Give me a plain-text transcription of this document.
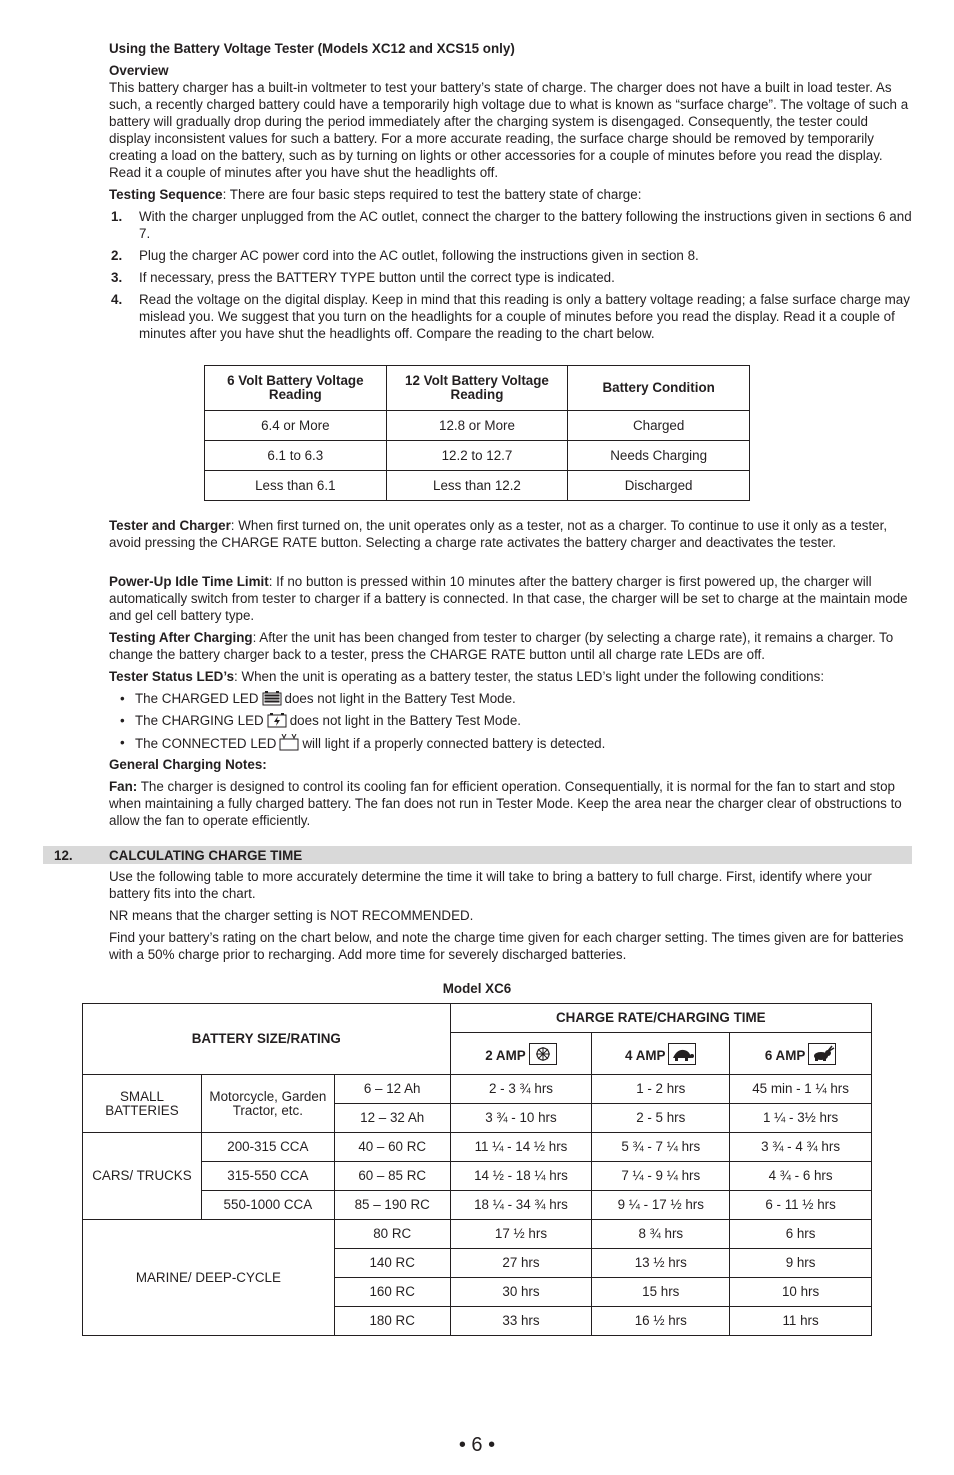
Using the Battery Voltage Tester (Models XC12 and XCS15 only)
Overview
This battery charger has a built-in voltmeter to test your battery’s state of charge. The charger does not have a built in load tester. As such, a recently charged battery could have a temporarily high voltage due to what is known as “surface charge”. The voltage of such a battery will gradually drop during the period immediately after the charging system is disengaged. Consequently, the tester could display inconsistent values for such a battery. For a more accurate reading, the surface charge should be removed by temporarily creating a load on the battery, such as by turning on lights or other accessories for a couple of minutes before you read the display. Read it a couple of minutes after you have shut the headlights off.
Testing Sequence: There are four basic steps required to test the battery state of charge:
1. With the charger unplugged from the AC outlet, connect the charger to the battery following the instructions given in sections 6 and 7.
2. Plug the charger AC power cord into the AC outlet, following the instructions given in section 8.
3. If necessary, press the BATTERY TYPE button until the correct type is indicated.
4. Read the voltage on the digital display. Keep in mind that this reading is only a battery voltage reading; a false surface charge may mislead you. We suggest that you turn on the headlights for a couple of minutes before you read the display. Read it a couple of minutes after you have shut the headlights off. Compare the reading to the chart below.
6 Volt Battery Voltage Reading	12 Volt Battery Voltage Reading	Battery Condition
6.4 or More	12.8 or More	Charged
6.1 to 6.3	12.2 to 12.7	Needs Charging
Less than 6.1	Less than 12.2	Discharged
Tester and Charger: When first turned on, the unit operates only as a tester, not as a charger. To continue to use it only as a tester, avoid pressing the CHARGE RATE button. Selecting a charge rate activates the battery charger and deactivates the tester.
Power-Up Idle Time Limit: If no button is pressed within 10 minutes after the battery charger is first powered up, the charger will automatically switch from tester to charger if a battery is connected. In that case, the charger will be set to charge at the maintain mode and gel cell battery type.
Testing After Charging: After the unit has been changed from tester to charger (by selecting a charge rate), it remains a charger. To change the battery charger back to a tester, press the CHARGE RATE button until all charge rate LEDs are off.
Tester Status LED’s: When the unit is operating as a battery tester, the status LED’s light under the following conditions:
• The CHARGED LED does not light in the Battery Test Mode.
• The CHARGING LED does not light in the Battery Test Mode.
• The CONNECTED LED will light if a properly connected battery is detected.
General Charging Notes:
Fan: The charger is designed to control its cooling fan for efficient operation. Consequentially, it is normal for the fan to start and stop when maintaining a fully charged battery. The fan does not run in Tester Mode. Keep the area near the charger clear of obstructions to allow the fan to operate efficiently.
12.	CALCULATING CHARGE TIME
Use the following table to more accurately determine the time it will take to bring a battery to full charge. First, identify where your battery fits into the chart.
NR means that the charger setting is NOT RECOMMENDED.
Find your battery’s rating on the chart below, and note the charge time given for each charger setting. The times given are for batteries with a 50% charge prior to recharging. Add more time for severely discharged batteries.
Model XC6
BATTERY SIZE/RATING			CHARGE RATE/CHARGING TIME		
			2 AMP	4 AMP	6 AMP
SMALL BATTERIES	Motorcycle, Garden Tractor, etc.	6 – 12 Ah	2 - 3 ¾ hrs	1 - 2 hrs	45 min - 1 ¼ hrs
		12 – 32 Ah	3 ¾ - 10 hrs	2 - 5 hrs	1 ¼ - 3½ hrs
CARS/ TRUCKS	200-315 CCA	40 – 60 RC	11 ¼ - 14 ½ hrs	5 ¾ - 7 ¼ hrs	3 ¾ - 4 ¾ hrs
	315-550 CCA	60 – 85 RC	14 ½ - 18 ¼ hrs	7 ¼ - 9 ¼ hrs	4 ¾ - 6 hrs
	550-1000 CCA	85 – 190 RC	18 ¼ - 34 ¾ hrs	9 ¼ - 17 ½ hrs	6 - 11 ½ hrs
MARINE/ DEEP-CYCLE		80 RC	17 ½ hrs	8 ¾ hrs	6 hrs
		140 RC	27 hrs	13 ½ hrs	9 hrs
		160 RC	30 hrs	15 hrs	10 hrs
		180 RC	33 hrs	16 ½ hrs	11 hrs
• 6 •
